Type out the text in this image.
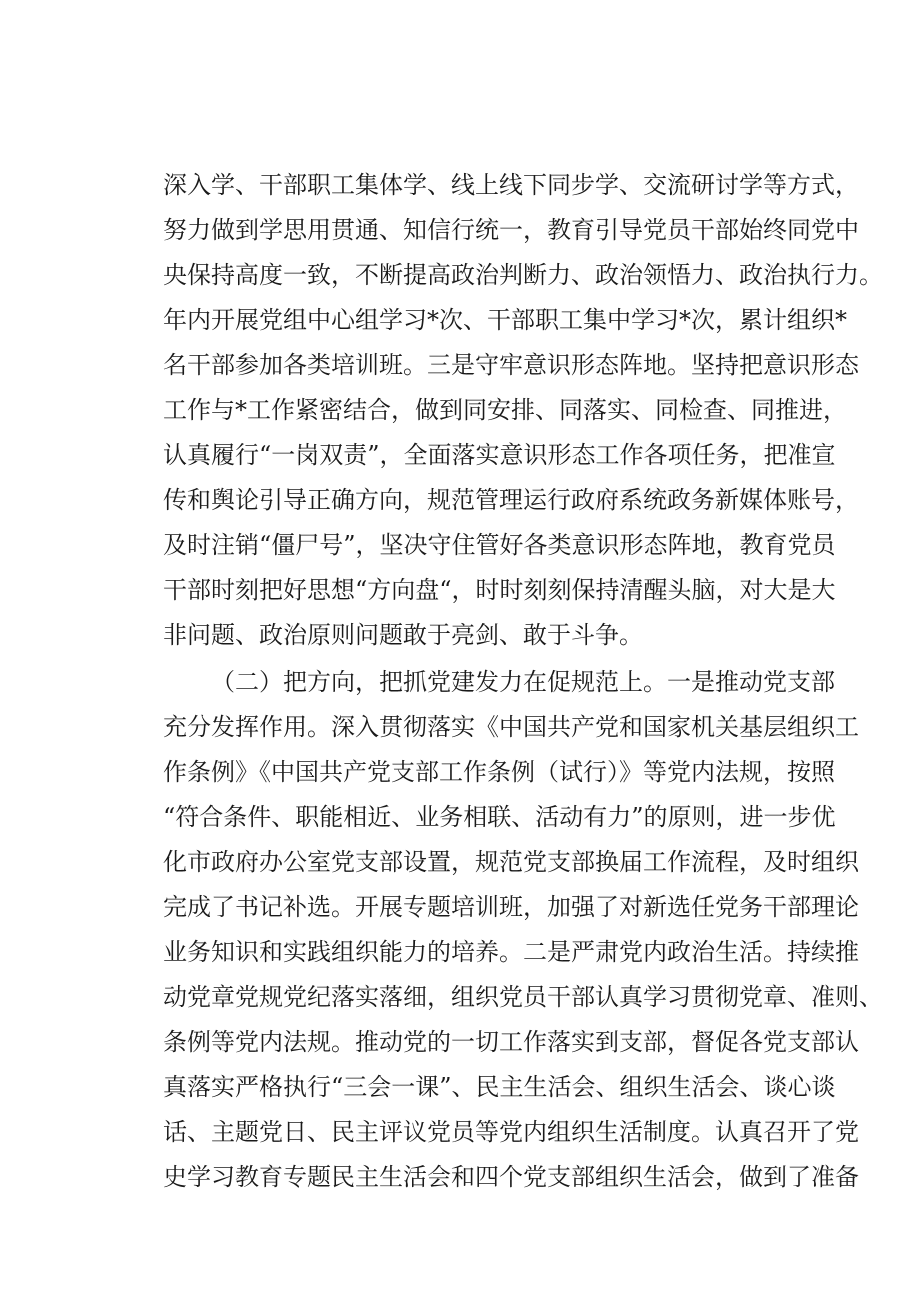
深入学、干部职工集体学、线上线下同步学、交流研讨学等方式，
努力做到学思用贯通、知信行统一，教育引导党员干部始终同党中
央保持高度一致，不断提高政治判断力、政治领悟力、政治执行力。
年内开展党组中心组学习*次、干部职工集中学习*次，累计组织*
名干部参加各类培训班。三是守牢意识形态阵地。坚持把意识形态
工作与*工作紧密结合，做到同安排、同落实、同检查、同推进，
认真履行“一岗双责”，全面落实意识形态工作各项任务，把准宣
传和舆论引导正确方向，规范管理运行政府系统政务新媒体账号，
及时注销“僵尸号”，坚决守住管好各类意识形态阵地，教育党员
干部时刻把好思想“方向盘“，时时刻刻保持清醒头脑，对大是大
非问题、政治原则问题敢于亮剑、敢于斗争。
（二）把方向，把抓党建发力在促规范上。一是推动党支部
充分发挥作用。深入贯彻落实《中国共产党和国家机关基层组织工
作条例》《中国共产党支部工作条例（试行）》等党内法规，按照
“符合条件、职能相近、业务相联、活动有力”的原则，进一步优
化市政府办公室党支部设置，规范党支部换届工作流程，及时组织
完成了书记补选。开展专题培训班，加强了对新选任党务干部理论
业务知识和实践组织能力的培养。二是严肃党内政治生活。持续推
动党章党规党纪落实落细，组织党员干部认真学习贯彻党章、准则、
条例等党内法规。推动党的一切工作落实到支部，督促各党支部认
真落实严格执行“三会一课”、民主生活会、组织生活会、谈心谈
话、主题党日、民主评议党员等党内组织生活制度。认真召开了党
史学习教育专题民主生活会和四个党支部组织生活会，做到了准备
